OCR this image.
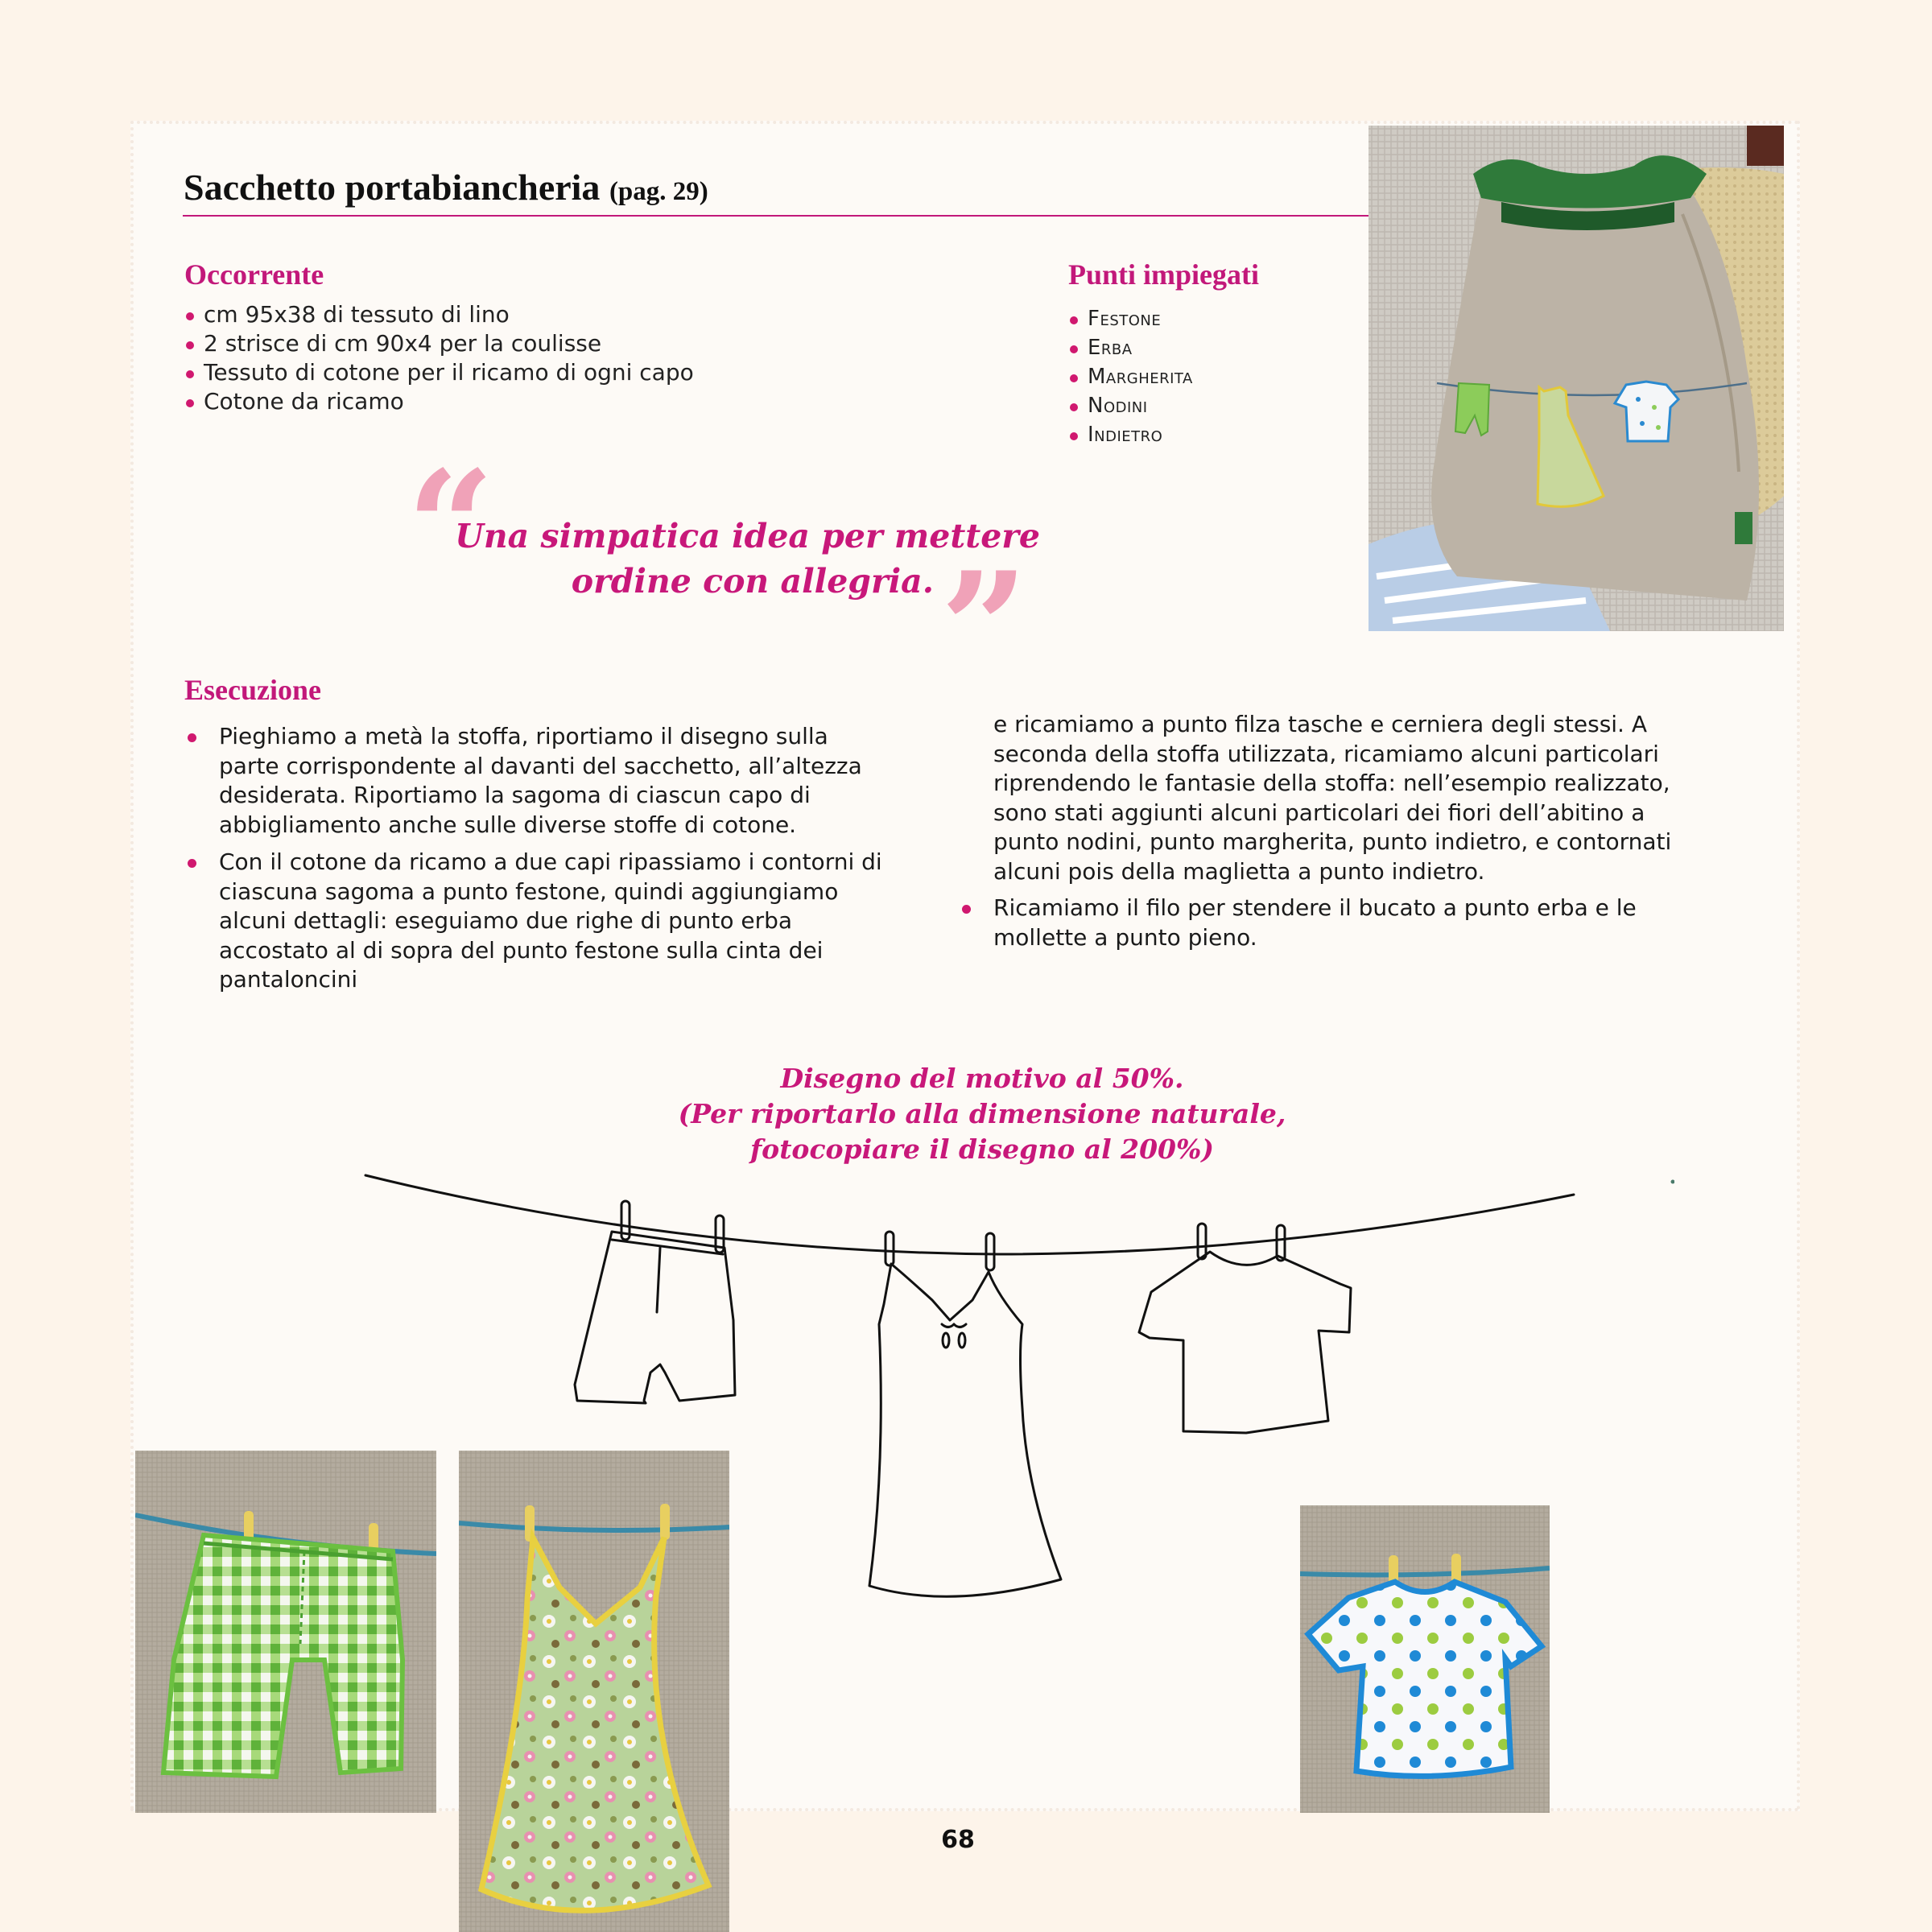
Sacchetto portabiancheria (pag. 29)
Occorrente
cm 95x38 di tessuto di lino
2 strisce di cm 90x4 per la coulisse
Tessuto di cotone per il ricamo di ogni capo
Cotone da ricamo
Punti impiegati
Festone
Erba
Margherita
Nodini
Indietro
“
Una simpatica idea per mettere
ordine con allegria. ”
Esecuzione
Pieghiamo a metà la stoffa, riportiamo il disegno sulla parte corrispondente al davanti del sacchetto, all’altezza desiderata. Riportiamo la sagoma di ciascun capo di abbigliamento anche sulle diverse stoffe di cotone.
Con il cotone da ricamo a due capi ripassiamo i contorni di ciascuna sagoma a punto festone, quindi aggiungiamo alcuni dettagli: eseguiamo due righe di punto erba accostato al di sopra del punto festone sulla cinta dei pantaloncini
e ricamiamo a punto filza tasche e cerniera degli stessi. A seconda della stoffa utilizzata, ricamiamo alcuni particolari riprendendo le fantasie della stoffa: nell’esempio realizzato, sono stati aggiunti alcuni particolari dei fiori dell’abitino a punto nodini, punto margherita, punto indietro, e contornati alcuni pois della maglietta a punto indietro.
Ricamiamo il filo per stendere il bucato a punto erba e le mollette a punto pieno.
Disegno del motivo al 50%.
(Per riportarlo alla dimensione naturale,
fotocopiare il disegno al 200%)
68
